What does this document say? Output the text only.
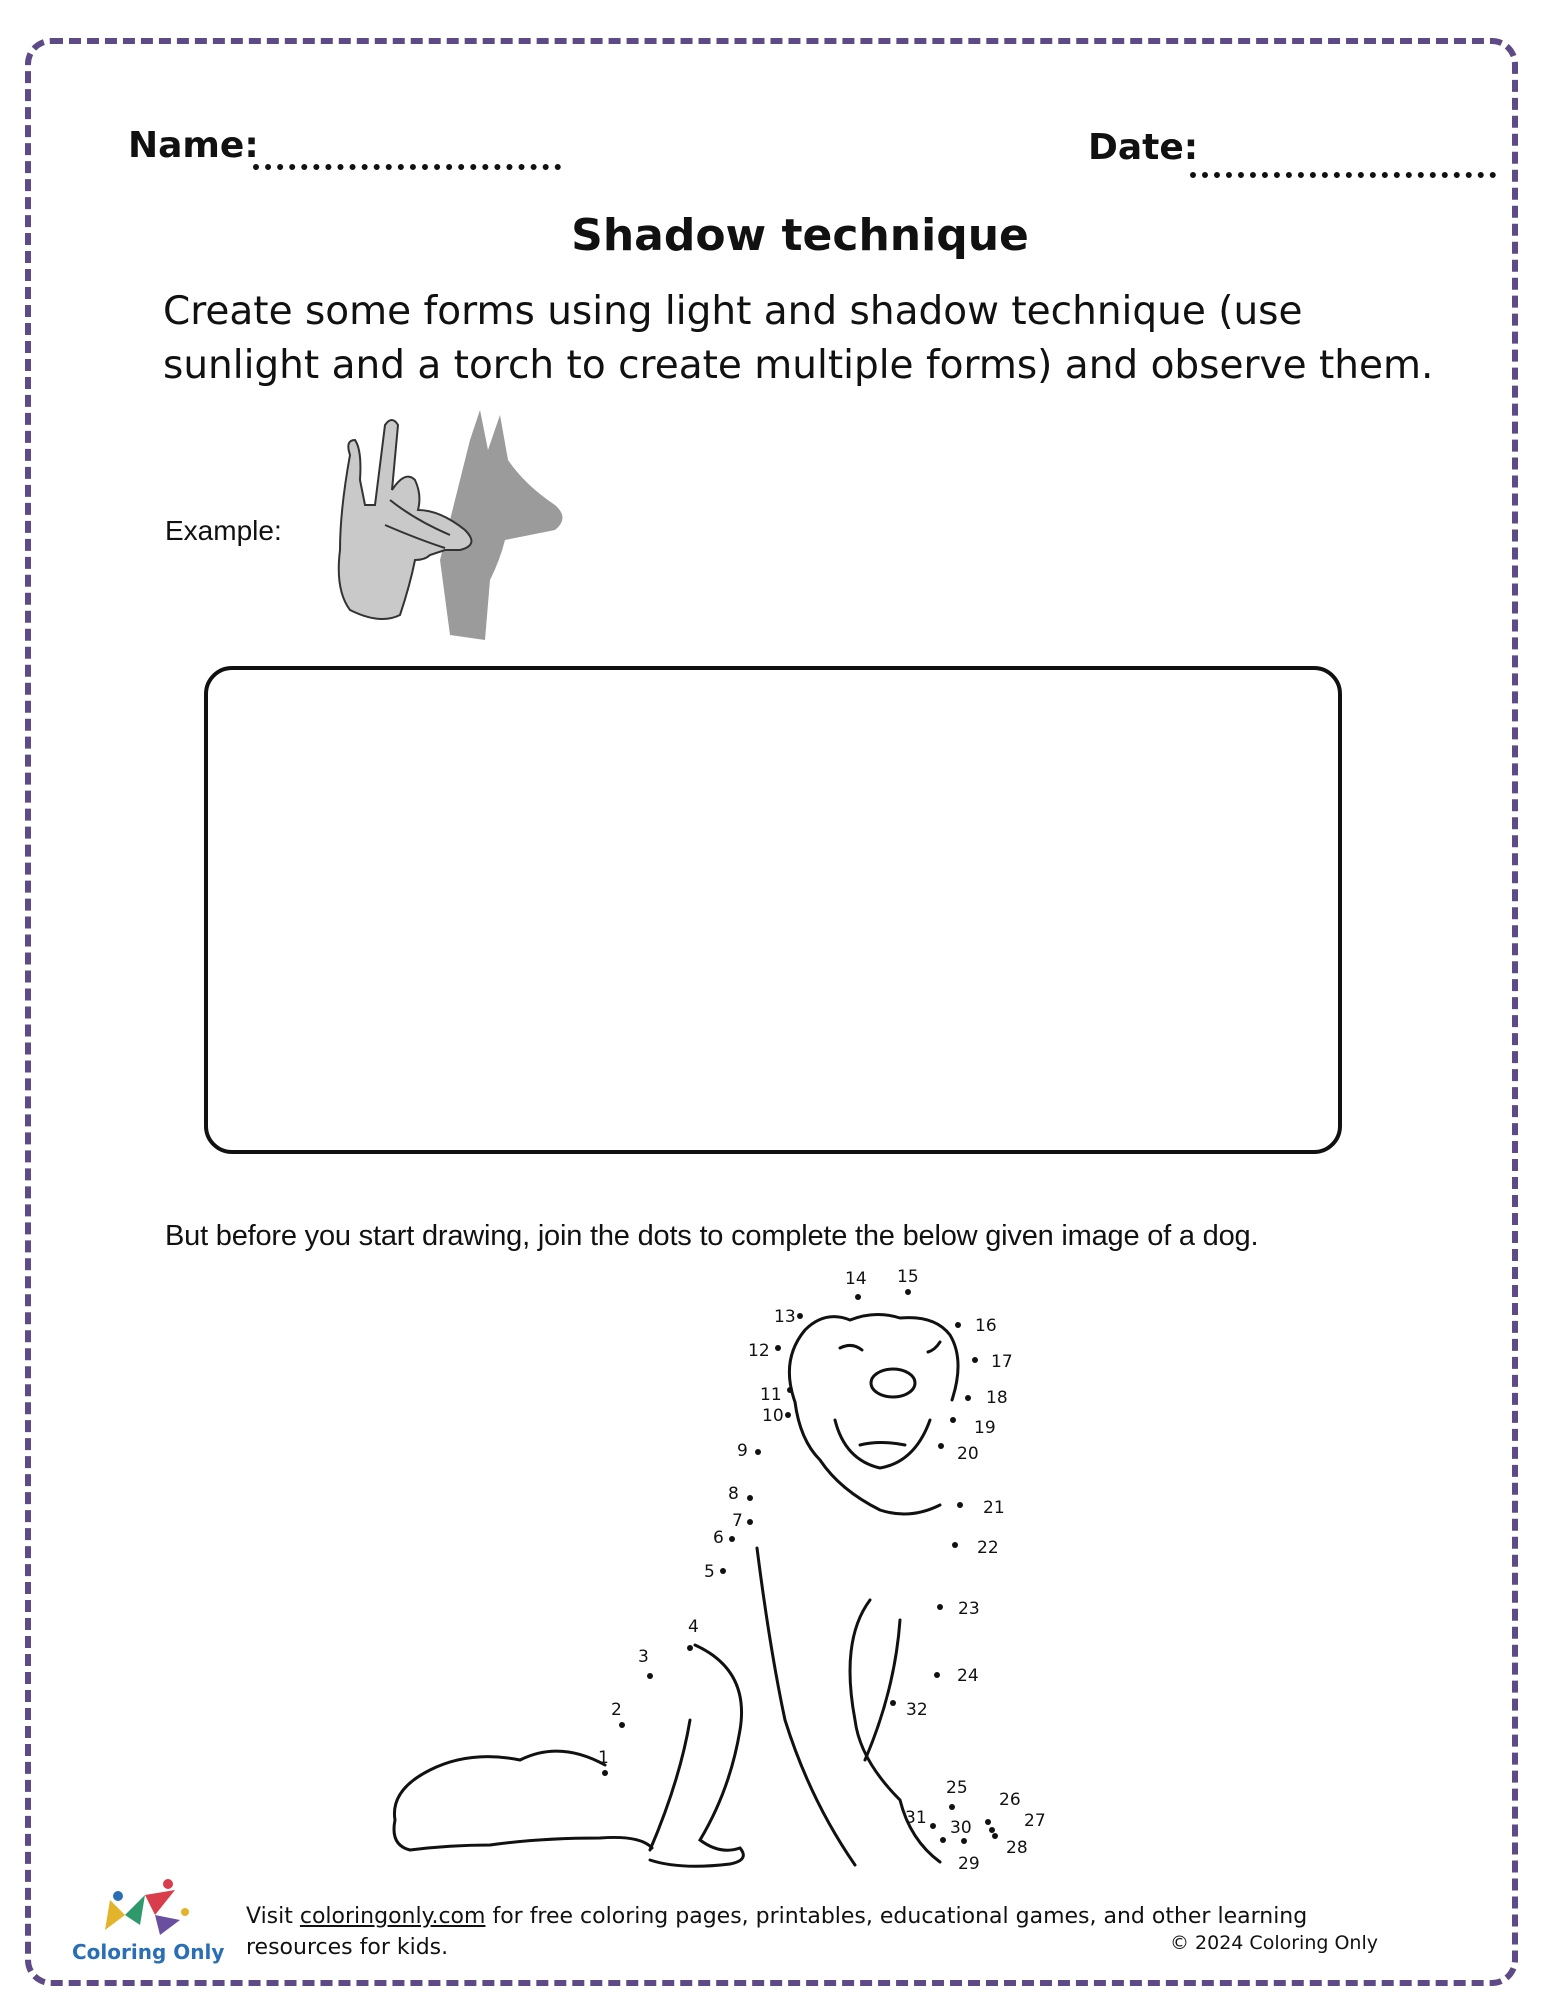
Name:	Date:
Shadow technique
Create some forms using light and shadow technique (use
sunlight and a torch to create multiple forms) and observe them.
Example:
But before you start drawing, join the dots to complete the below given image of a dog.
1
2
3
4
5
6
7
8
9
10
11
12
13
14 15
16
17
18
19
20
21
22
23
24
25
26
27
28
29
30
31
32
Coloring Only
Visit coloringonly.com for free coloring pages, printables, educational games, and other learning resources for kids.	© 2024 Coloring Only
